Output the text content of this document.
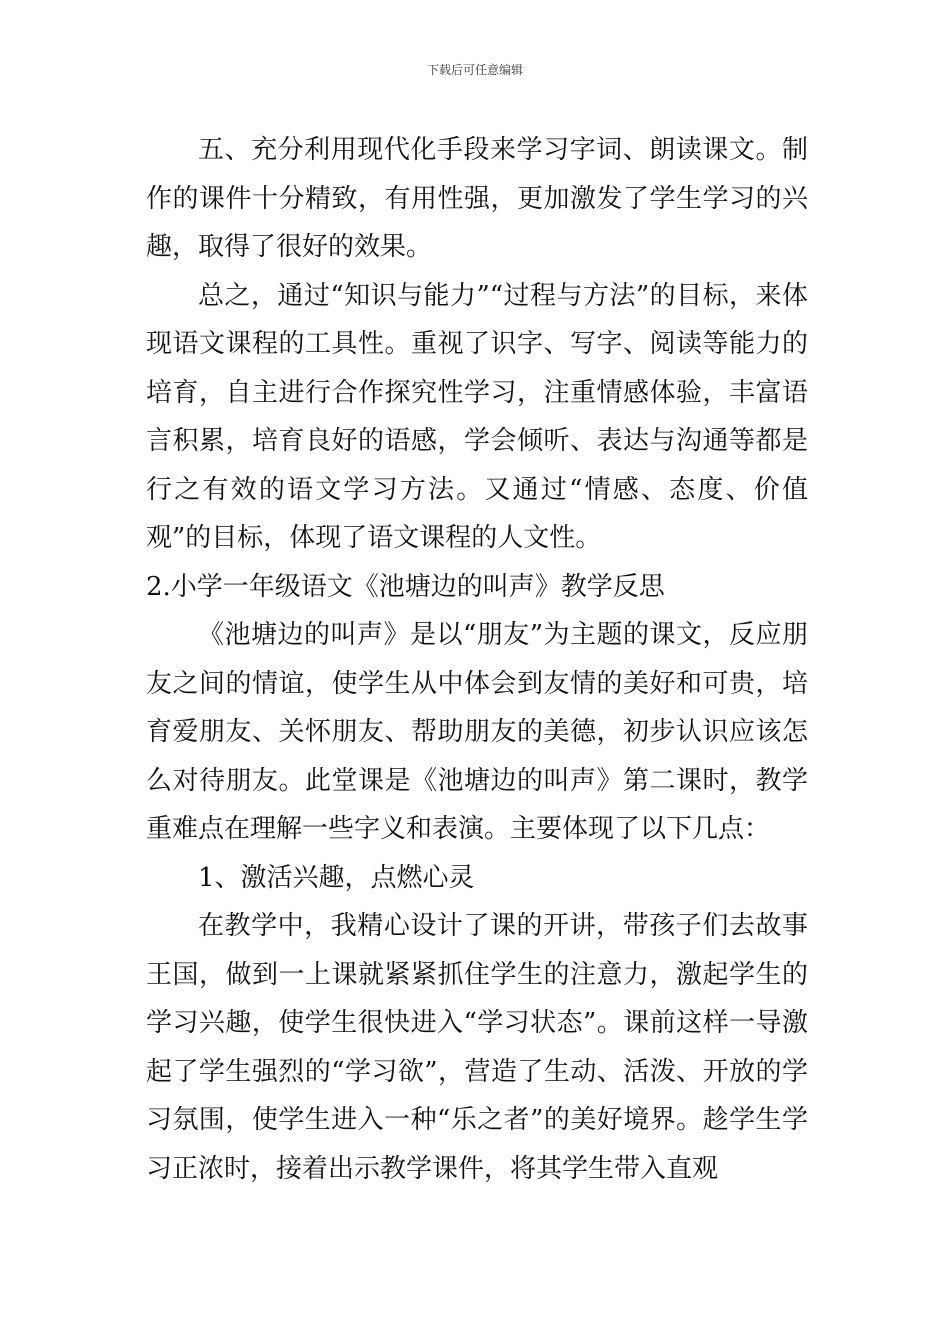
下载后可任意编辑

五、充分利用现代化手段来学习字词、朗读课文。制作的课件十分精致，有用性强，更加激发了学生学习的兴趣，取得了很好的效果。

总之，通过“知识与能力”“过程与方法”的目标，来体现语文课程的工具性。重视了识字、写字、阅读等能力的培育，自主进行合作探究性学习，注重情感体验，丰富语言积累，培育良好的语感，学会倾听、表达与沟通等都是行之有效的语文学习方法。又通过“情感、态度、价值观”的目标，体现了语文课程的人文性。

2.小学一年级语文《池塘边的叫声》教学反思

《池塘边的叫声》是以“朋友”为主题的课文，反应朋友之间的情谊，使学生从中体会到友情的美好和可贵，培育爱朋友、关怀朋友、帮助朋友的美德，初步认识应该怎么对待朋友。此堂课是《池塘边的叫声》第二课时，教学重难点在理解一些字义和表演。主要体现了以下几点：

1、激活兴趣，点燃心灵

在教学中，我精心设计了课的开讲，带孩子们去故事王国，做到一上课就紧紧抓住学生的注意力，激起学生的学习兴趣，使学生很快进入“学习状态”。课前这样一导激起了学生强烈的“学习欲”，营造了生动、活泼、开放的学习氛围，使学生进入一种“乐之者”的美好境界。趁学生学习正浓时，接着出示教学课件，将其学生带入直观
